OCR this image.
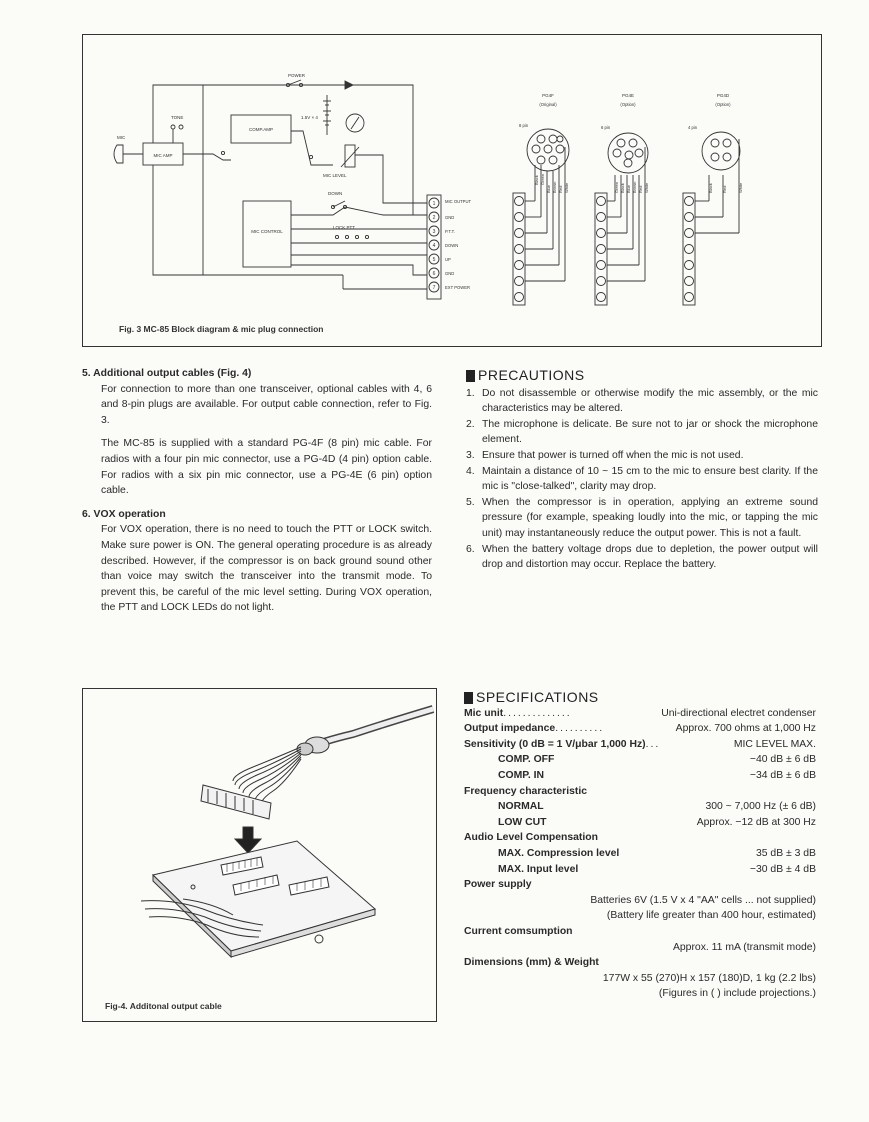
MIC AMP
MIC
TONE
COMP.AMP
POWER
1.5V × 4
MIC LEVEL
DOWN
MIC CONTROL
LOCK PTT
1
2
3
4
5
6
7
MIC OUTPUT
GND
P.T.T.
DOWN
UP
GND
EXT POWER
PG4F
(Original)
8 pin
Black Green
Blue Brown Red White
PG4E
(Option)
6 pin
Green Black Blue Brown Red White
PG4D
(Option)
4 pin
Black Red	White
Fig. 3 MC-85 Block diagram & mic plug connection

5. Additional output cables (Fig. 4)

For connection to more than one transceiver, optional cables with 4, 6 and 8-pin plugs are available. For output cable connection, refer to Fig. 3.

The MC-85 is supplied with a standard PG-4F (8 pin) mic cable. For radios with a four pin mic connector, use a PG-4D (4 pin) option cable. For radios with a six pin mic connector, use a PG-4E (6 pin) option cable.

6. VOX operation

For VOX operation, there is no need to touch the PTT or LOCK switch. Make sure power is ON. The general operating procedure is as already described. However, if the compressor is on back ground sound other than voice may switch the transceiver into the transmit mode. To prevent this, be careful of the mic level setting. During VOX operation, the PTT and LOCK LEDs do not light.

PRECAUTIONS
1. Do not disassemble or otherwise modify the mic assembly, or the mic characteristics may be altered.
2. The microphone is delicate. Be sure not to jar or shock the microphone element.
3. Ensure that power is turned off when the mic is not used.
4. Maintain a distance of 10 ~ 15 cm to the mic to ensure best clarity. If the mic is "close-talked", clarity may drop.
5. When the compressor is in operation, applying an extreme sound pressure (for example, speaking loudly into the mic, or tapping the mic unit) may instantaneously reduce the output power. This is not a fault.
6. When the battery voltage drops due to depletion, the power output will drop and distortion may occur. Replace the battery.
Fig-4. Additonal output cable
SPECIFICATIONS
Mic unit ..............	Uni-directional electret condenser
Output impedance ..........	Approx. 700 ohms at 1,000 Hz
Sensitivity (0 dB = 1 V/μbar 1,000 Hz) ...	MIC LEVEL MAX.
COMP. OFF	−40 dB ± 6 dB
COMP. IN	−34 dB ± 6 dB
Frequency characteristic
NORMAL	300 ~ 7,000 Hz (± 6 dB)
LOW CUT	Approx. −12 dB at 300 Hz
Audio Level Compensation
MAX. Compression level	35 dB ± 3 dB
MAX. Input level	−30 dB ± 4 dB
Power supply
Batteries 6V (1.5 V x 4 "AA" cells ... not supplied)
(Battery life greater than 400 hour, estimated)
Current comsumption
Approx. 11 mA (transmit mode)
Dimensions (mm) & Weight
177W x 55 (270)H x 157 (180)D, 1 kg (2.2 lbs)
(Figures in ( ) include projections.)
